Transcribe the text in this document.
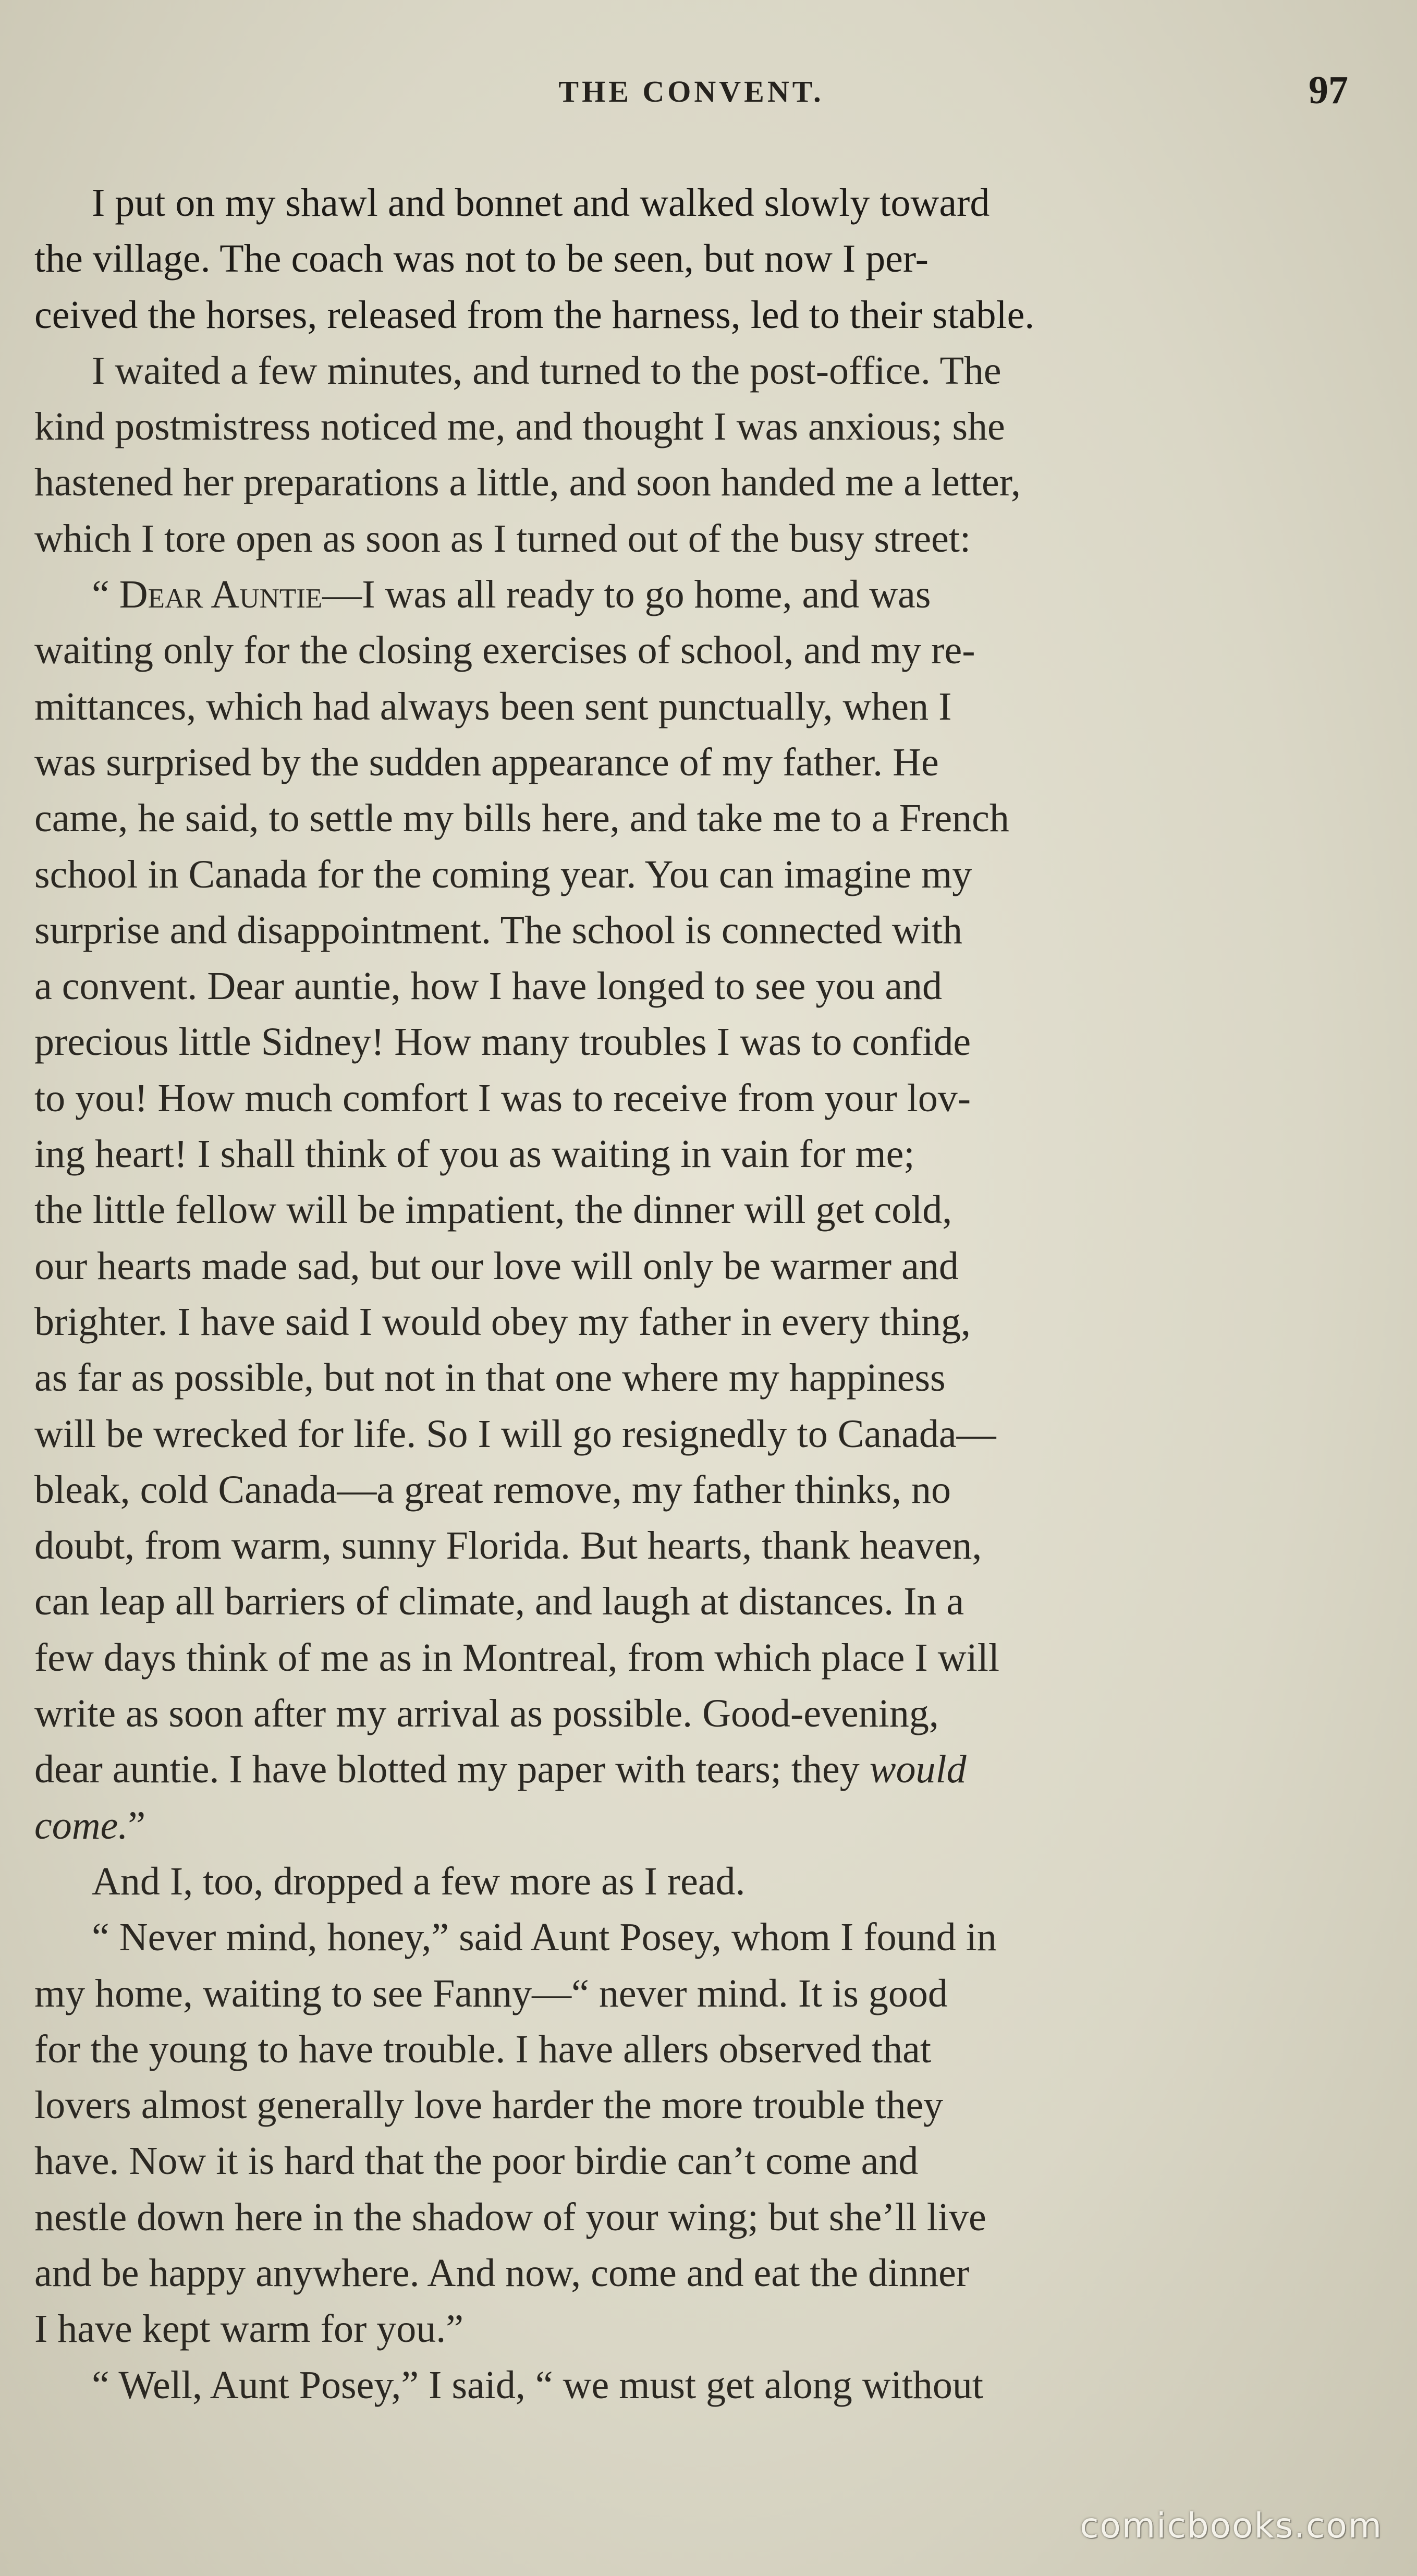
THE CONVENT.	97

I put on my shawl and bonnet and walked slowly toward
the village. The coach was not to be seen, but now I per-
ceived the horses, released from the harness, led to their stable.

I waited a few minutes, and turned to the post-office. The
kind postmistress noticed me, and thought I was anxious; she
hastened her preparations a little, and soon handed me a letter,
which I tore open as soon as I turned out of the busy street:

“ Dear Auntie—I was all ready to go home, and was
waiting only for the closing exercises of school, and my re-
mittances, which had always been sent punctually, when I
was surprised by the sudden appearance of my father. He
came, he said, to settle my bills here, and take me to a French
school in Canada for the coming year. You can imagine my
surprise and disappointment. The school is connected with
a convent. Dear auntie, how I have longed to see you and
precious little Sidney! How many troubles I was to confide
to you! How much comfort I was to receive from your lov-
ing heart! I shall think of you as waiting in vain for me;
the little fellow will be impatient, the dinner will get cold,
our hearts made sad, but our love will only be warmer and
brighter. I have said I would obey my father in every thing,
as far as possible, but not in that one where my happiness
will be wrecked for life. So I will go resignedly to Canada—
bleak, cold Canada—a great remove, my father thinks, no
doubt, from warm, sunny Florida. But hearts, thank heaven,
can leap all barriers of climate, and laugh at distances. In a
few days think of me as in Montreal, from which place I will
write as soon after my arrival as possible. Good-evening,
dear auntie. I have blotted my paper with tears; they would
come.”

And I, too, dropped a few more as I read.

“ Never mind, honey,” said Aunt Posey, whom I found in
my home, waiting to see Fanny—“ never mind. It is good
for the young to have trouble. I have allers observed that
lovers almost generally love harder the more trouble they
have. Now it is hard that the poor birdie can’t come and
nestle down here in the shadow of your wing; but she’ll live
and be happy anywhere. And now, come and eat the dinner
I have kept warm for you.”

“ Well, Aunt Posey,” I said, “ we must get along without

comicbooks.com
